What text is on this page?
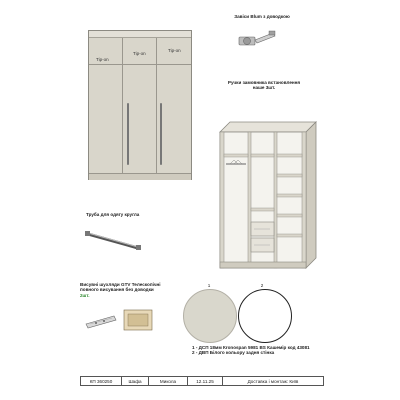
Завіси Blum з доводкою
Ручки замовника встановлення наше 3шт.
Tip-on
Tip-on
Tip-on
Труба для одягу кругла
Висувні шухляди GTV Телескопічні
повного висування без доводки
2шт.
1	2
1 - ДСП 18мм Кronospan 5981 BS Кашемір код 43081
2 - ДВП Білого кольору задня стінка
КП 360250	Шафа	Микола	12.11.25	Доставка і монтаж: Київ
